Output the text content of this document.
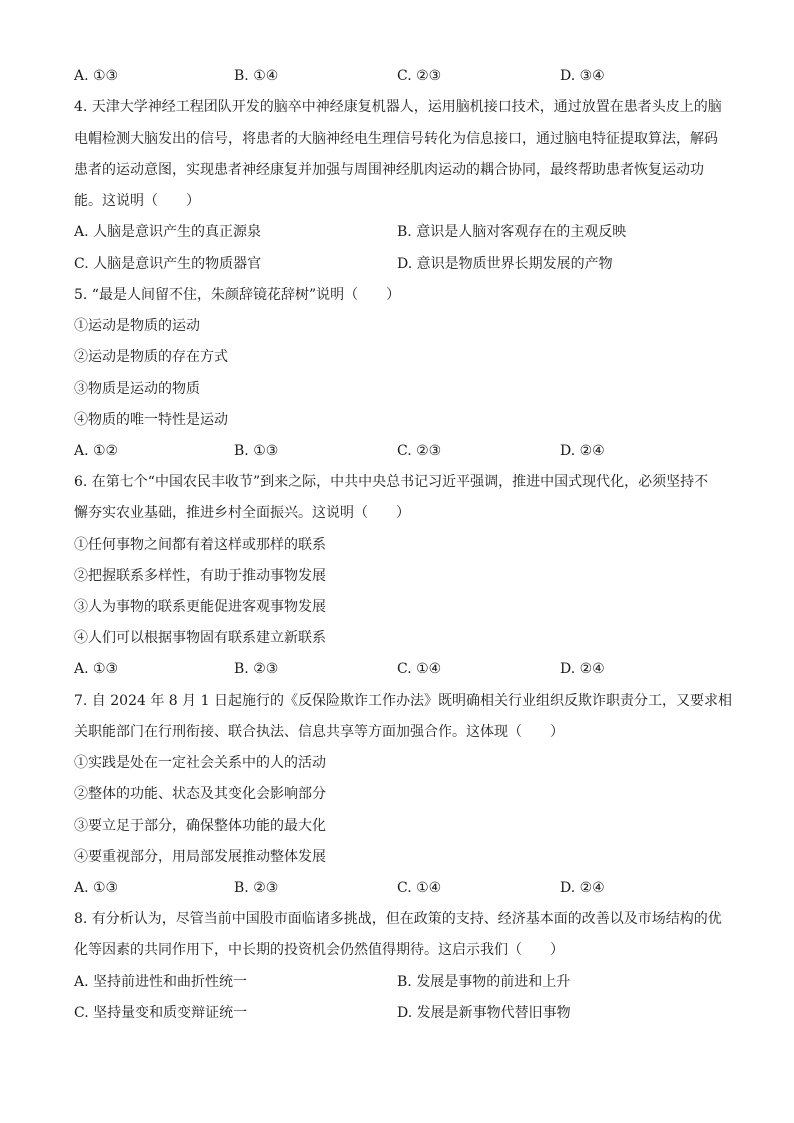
A. ①③	B. ①④	C. ②③	D. ③④
4. 天津大学神经工程团队开发的脑卒中神经康复机器人，运用脑机接口技术，通过放置在患者头皮上的脑
电帽检测大脑发出的信号，将患者的大脑神经电生理信号转化为信息接口，通过脑电特征提取算法，解码
患者的运动意图，实现患者神经康复并加强与周围神经肌肉运动的耦合协同，最终帮助患者恢复运动功
能。这说明（　　）
A. 人脑是意识产生的真正源泉	B. 意识是人脑对客观存在的主观反映
C. 人脑是意识产生的物质器官	D. 意识是物质世界长期发展的产物
5. “最是人间留不住，朱颜辞镜花辞树”说明（　　）
①运动是物质的运动
②运动是物质的存在方式
③物质是运动的物质
④物质的唯一特性是运动
A. ①②	B. ①③	C. ②③	D. ②④
6. 在第七个“中国农民丰收节”到来之际，中共中央总书记习近平强调，推进中国式现代化，必须坚持不
懈夯实农业基础，推进乡村全面振兴。这说明（　　）
①任何事物之间都有着这样或那样的联系
②把握联系多样性，有助于推动事物发展
③人为事物的联系更能促进客观事物发展
④人们可以根据事物固有联系建立新联系
A. ①③	B. ②③	C. ①④	D. ②④
7. 自 2024 年 8 月 1 日起施行的《反保险欺诈工作办法》既明确相关行业组织反欺诈职责分工，又要求相
关职能部门在行刑衔接、联合执法、信息共享等方面加强合作。这体现（　　）
①实践是处在一定社会关系中的人的活动
②整体的功能、状态及其变化会影响部分
③要立足于部分，确保整体功能的最大化
④要重视部分，用局部发展推动整体发展
A. ①③	B. ②③	C. ①④	D. ②④
8. 有分析认为，尽管当前中国股市面临诸多挑战，但在政策的支持、经济基本面的改善以及市场结构的优
化等因素的共同作用下，中长期的投资机会仍然值得期待。这启示我们（　　）
A. 坚持前进性和曲折性统一	B. 发展是事物的前进和上升
C. 坚持量变和质变辩证统一	D. 发展是新事物代替旧事物
